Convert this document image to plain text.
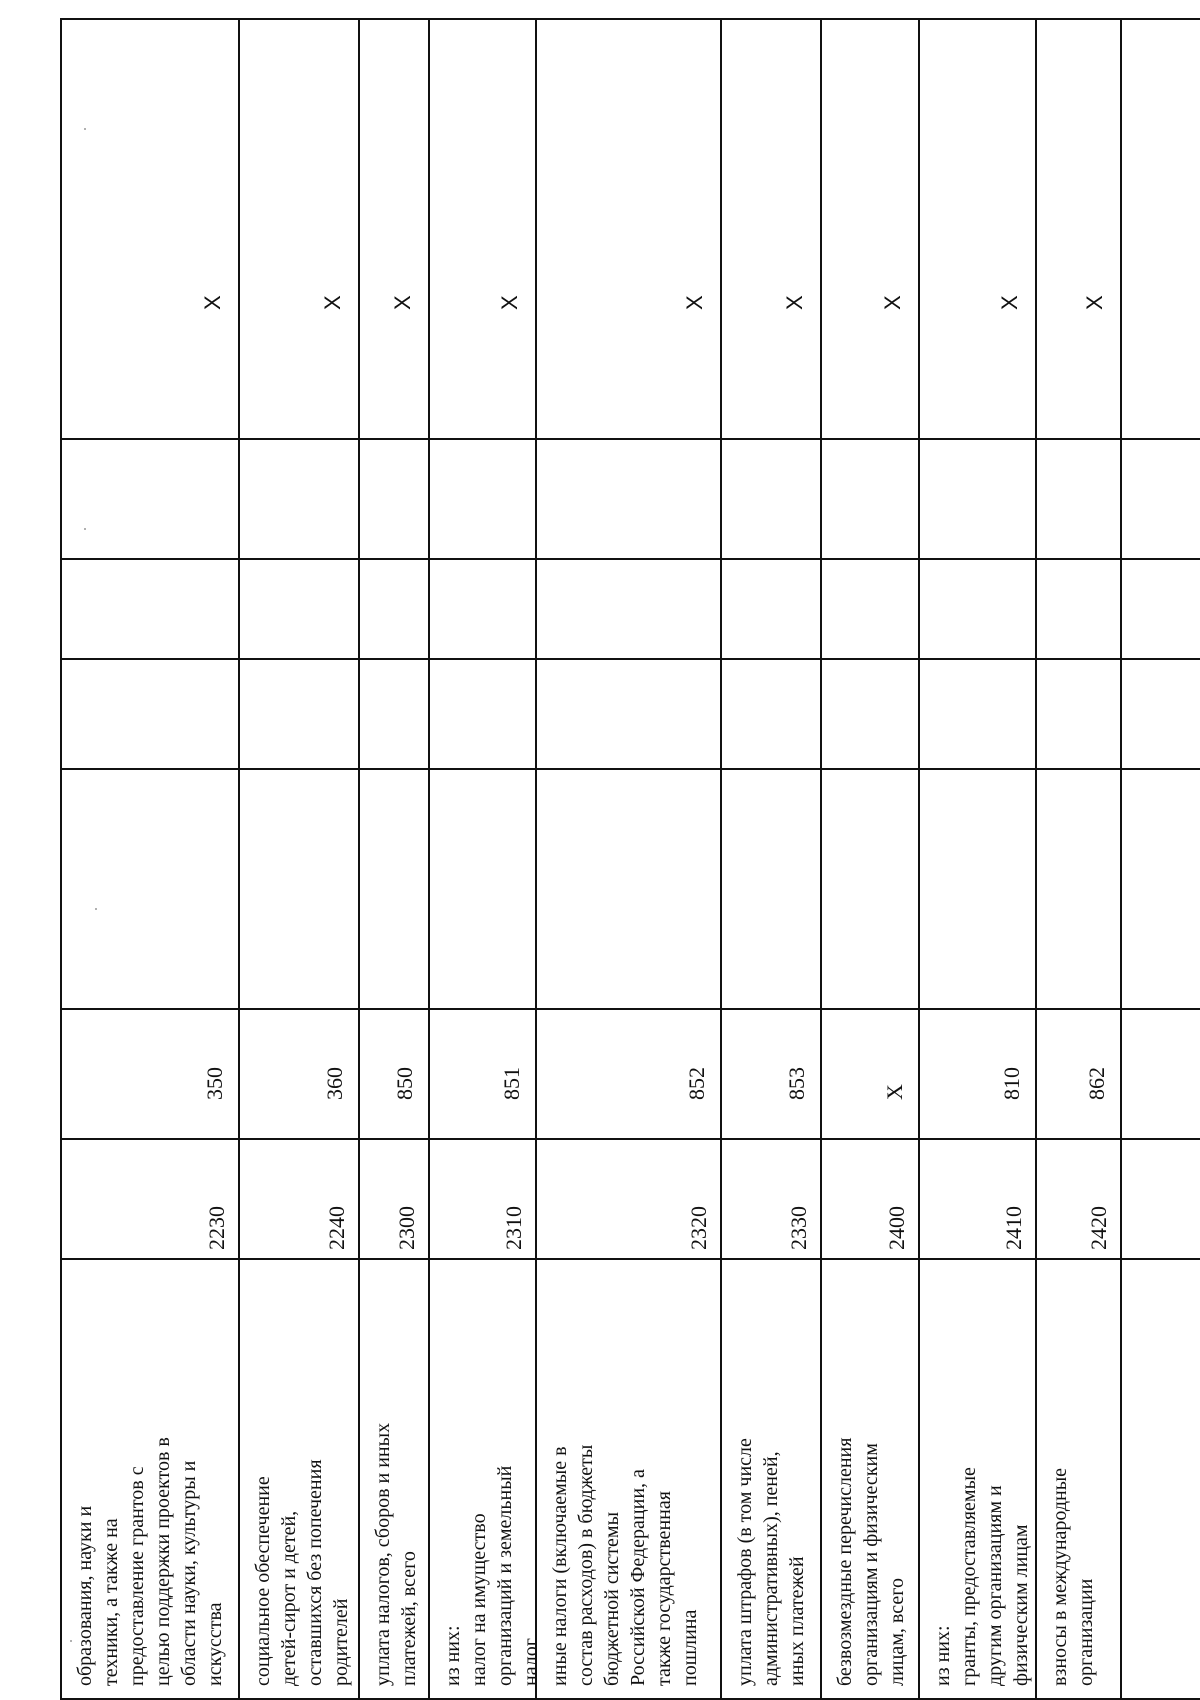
образования, науки и
техники, а также на
предоставление грантов с
целью поддержки проектов в
области науки, культуры и
искусства
2230
350
Х
социальное обеспечение
детей-сирот и детей,
оставшихся без попечения
родителей
2240
360
Х
уплата налогов, сборов и иных
платежей, всего
2300
850
Х
из них:
налог на имущество
организаций и земельный
налог
2310
851
Х
иные налоги (включаемые в
состав расходов) в бюджеты
бюджетной системы
Российской Федерации, а
также государственная
пошлина
2320
852
Х
уплата штрафов (в том числе
административных), пеней,
иных платежей
2330
853
Х
безвозмездные перечисления
организациям и физическим
лицам, всего
2400
Х
Х
из них:
гранты, предоставляемые
другим организациям и
физическим лицам
2410
810
Х
взносы в международные
организации
2420
862
Х
